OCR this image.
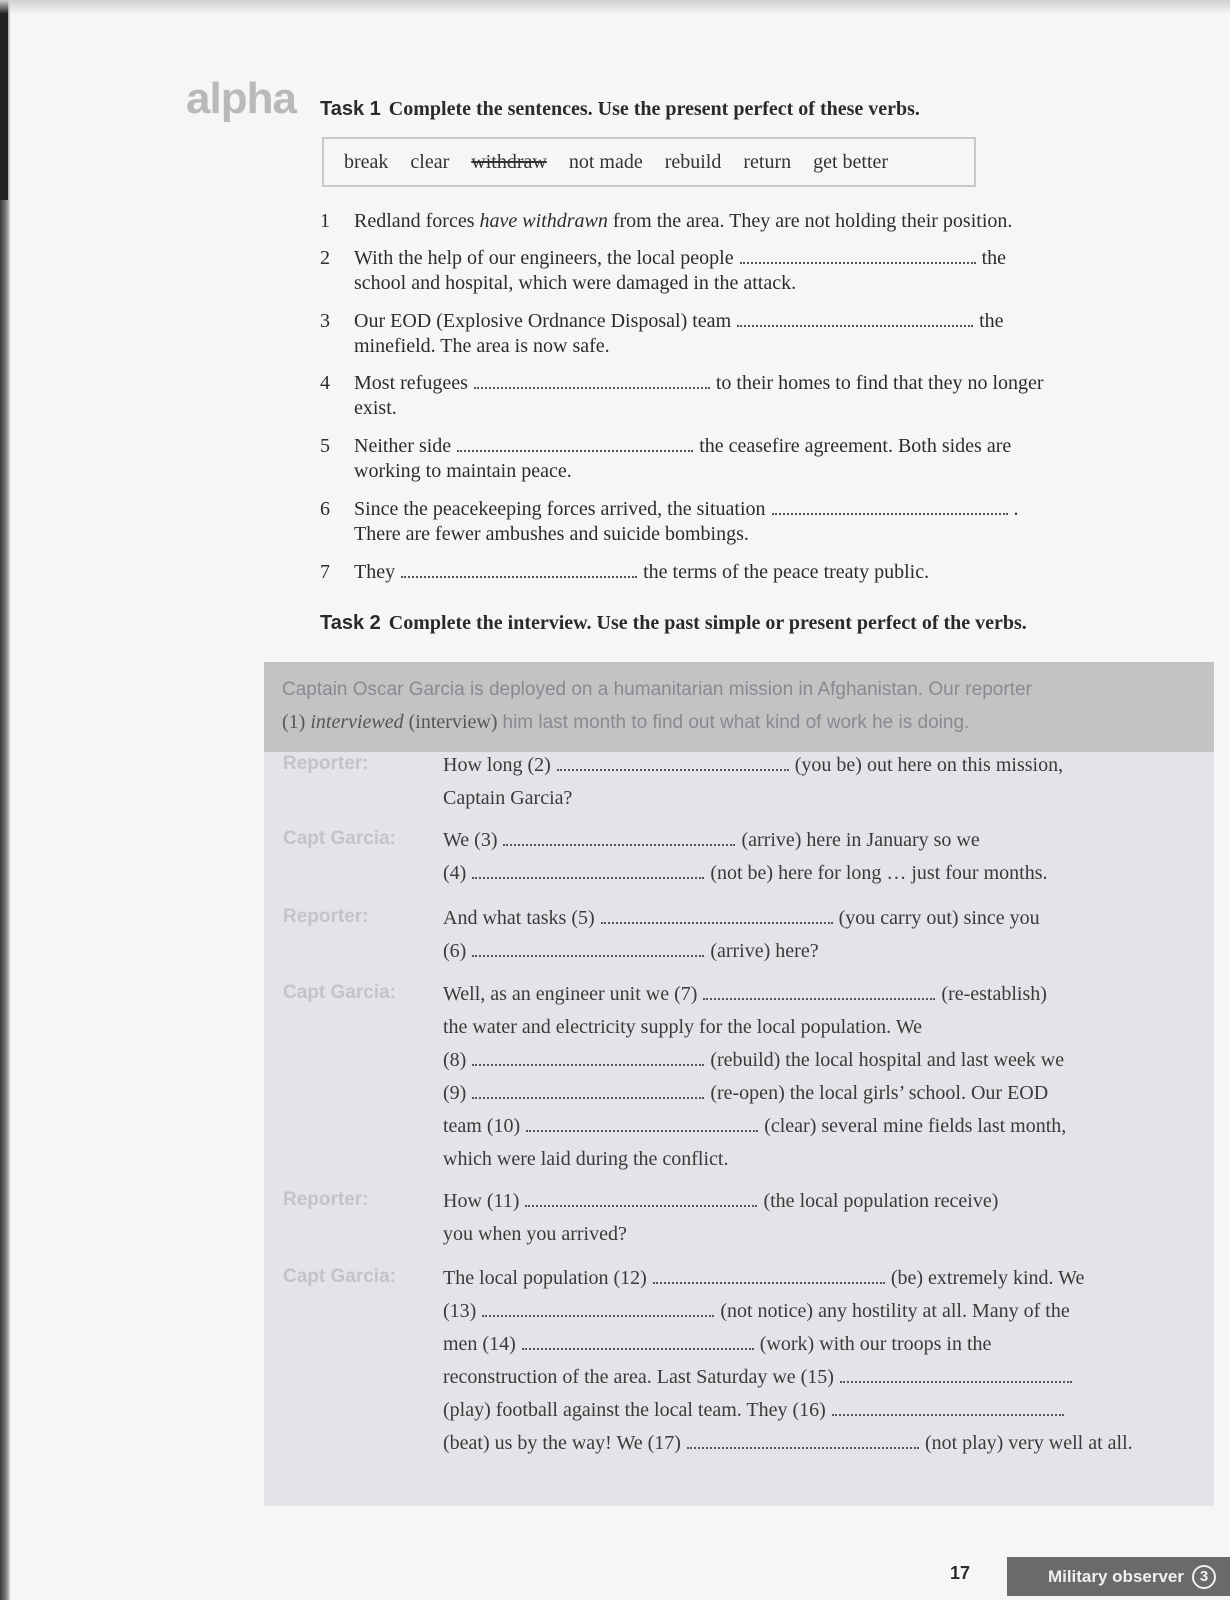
alpha Task 1 Complete the sentences. Use the present perfect of these verbs.
break clear withdraw not made rebuild return get better
1	Redland forces have withdrawn from the area. They are not holding their position.
2	With the help of our engineers, the local people	the
school and hospital, which were damaged in the attack.
3	Our EOD (Explosive Ordnance Disposal) team	the
minefield. The area is now safe.
4	Most refugees	to their homes to find that they no longer
exist.
5	Neither side	the ceasefire agreement. Both sides are
working to maintain peace.
6	Since the peacekeeping forces arrived, the situation	.
There are fewer ambushes and suicide bombings.
7	They	the terms of the peace treaty public.
Task 2 Complete the interview. Use the past simple or present perfect of the verbs.
Captain Oscar Garcia is deployed on a humanitarian mission in Afghanistan. Our reporter
(1) interviewed (interview) him last month to find out what kind of work he is doing.
Reporter:	How long (2)	(you be) out here on this mission,
Captain Garcia?
Capt Garcia:	We (3)	(arrive) here in January so we
(4)	(not be) here for long … just four months.
Reporter:	And what tasks (5)	(you carry out) since you
(6)	(arrive) here?
Capt Garcia:	Well, as an engineer unit we (7)	(re-establish)
the water and electricity supply for the local population. We
(8)	(rebuild) the local hospital and last week we
(9)	(re-open) the local girls’ school. Our EOD
team (10)	(clear) several mine fields last month,
which were laid during the conflict.
Reporter:	How (11)	(the local population receive)
you when you arrived?
Capt Garcia:	The local population (12)	(be) extremely kind. We
(13)	(not notice) any hostility at all. Many of the
men (14)	(work) with our troops in the
reconstruction of the area. Last Saturday we (15)
(play) football against the local team. They (16)
(beat) us by the way! We (17)	(not play) very well at all.
17	Military observer	3
